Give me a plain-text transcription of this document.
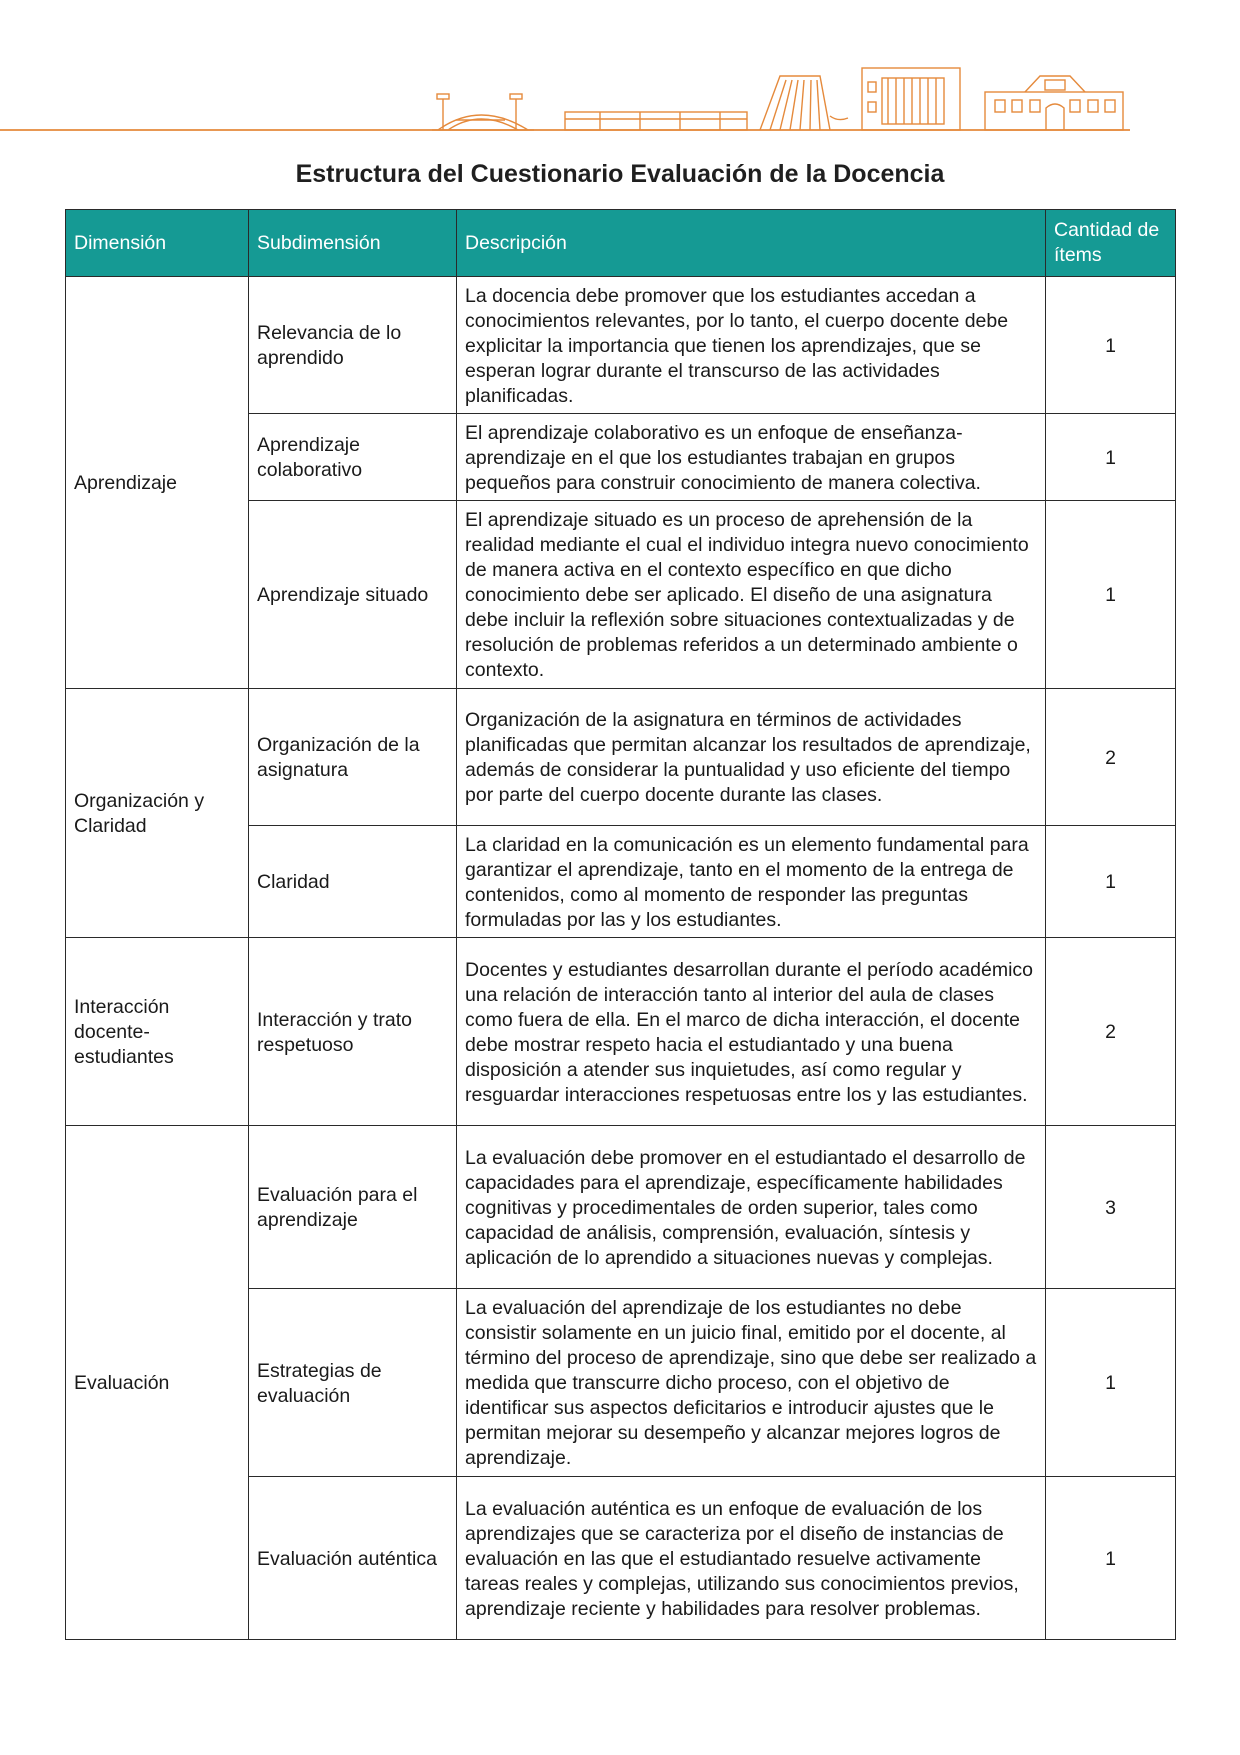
Estructura del Cuestionario Evaluación de la Docencia
Dimensión	Subdimensión	Descripción	Cantidad de ítems
Aprendizaje	Relevancia de lo aprendido	La docencia debe promover que los estudiantes accedan a conocimientos relevantes, por lo tanto, el cuerpo docente debe explicitar la importancia que tienen los aprendizajes, que se esperan lograr durante el transcurso de las actividades planificadas.	1
	Aprendizaje colaborativo	El aprendizaje colaborativo es un enfoque de enseñanza-aprendizaje en el que los estudiantes trabajan en grupos pequeños para construir conocimiento de manera colectiva.	1
	Aprendizaje situado	El aprendizaje situado es un proceso de aprehensión de la realidad mediante el cual el individuo integra nuevo conocimiento de manera activa en el contexto específico en que dicho conocimiento debe ser aplicado. El diseño de una asignatura debe incluir la reflexión sobre situaciones contextualizadas y de resolución de problemas referidos a un determinado ambiente o contexto.	1
Organización y Claridad	Organización de la asignatura	Organización de la asignatura en términos de actividades planificadas que permitan alcanzar los resultados de aprendizaje, además de considerar la puntualidad y uso eficiente del tiempo por parte del cuerpo docente durante las clases.	2
	Claridad	La claridad en la comunicación es un elemento fundamental para garantizar el aprendizaje, tanto en el momento de la entrega de contenidos, como al momento de responder las preguntas formuladas por las y los estudiantes.	1
Interacción docente-estudiantes	Interacción y trato respetuoso	Docentes y estudiantes desarrollan durante el período académico una relación de interacción tanto al interior del aula de clases como fuera de ella. En el marco de dicha interacción, el docente debe mostrar respeto hacia el estudiantado y una buena disposición a atender sus inquietudes, así como regular y resguardar interacciones respetuosas entre los y las estudiantes.	2
Evaluación	Evaluación para el aprendizaje	La evaluación debe promover en el estudiantado el desarrollo de capacidades para el aprendizaje, específicamente habilidades cognitivas y procedimentales de orden superior, tales como capacidad de análisis, comprensión, evaluación, síntesis y aplicación de lo aprendido a situaciones nuevas y complejas.	3
	Estrategias de evaluación	La evaluación del aprendizaje de los estudiantes no debe consistir solamente en un juicio final, emitido por el docente, al término del proceso de aprendizaje, sino que debe ser realizado a medida que transcurre dicho proceso, con el objetivo de identificar sus aspectos deficitarios e introducir ajustes que le permitan mejorar su desempeño y alcanzar mejores logros de aprendizaje.	1
	Evaluación auténtica	La evaluación auténtica es un enfoque de evaluación de los aprendizajes que se caracteriza por el diseño de instancias de evaluación en las que el estudiantado resuelve activamente tareas reales y complejas, utilizando sus conocimientos previos, aprendizaje reciente y habilidades para resolver problemas.	1
